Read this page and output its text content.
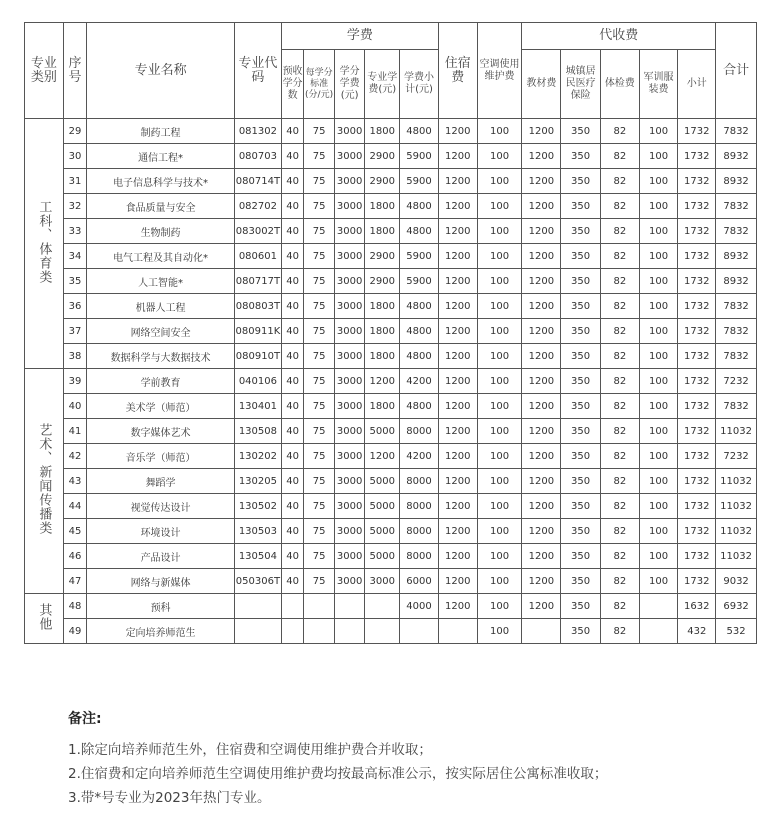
专业类别	序号	专业名称	专业代码	学费					住宿费	空调使用维护费	代收费					合计
				预收学分数	每学分标准(分/元)	学分学费(元)	专业学费(元)	学费小计(元)			教材费	城镇居民医疗保险	体检费	军训服装费	小计	
工科、体育类	29	制药工程	081302	40	75	3000	1800	4800	1200	100	1200	350	82	100	1732	7832
	30	通信工程*	080703	40	75	3000	2900	5900	1200	100	1200	350	82	100	1732	8932
	31	电子信息科学与技术*	080714T	40	75	3000	2900	5900	1200	100	1200	350	82	100	1732	8932
	32	食品质量与安全	082702	40	75	3000	1800	4800	1200	100	1200	350	82	100	1732	7832
	33	生物制药	083002T	40	75	3000	1800	4800	1200	100	1200	350	82	100	1732	7832
	34	电气工程及其自动化*	080601	40	75	3000	2900	5900	1200	100	1200	350	82	100	1732	8932
	35	人工智能*	080717T	40	75	3000	2900	5900	1200	100	1200	350	82	100	1732	8932
	36	机器人工程	080803T	40	75	3000	1800	4800	1200	100	1200	350	82	100	1732	7832
	37	网络空间安全	080911K	40	75	3000	1800	4800	1200	100	1200	350	82	100	1732	7832
	38	数据科学与大数据技术	080910T	40	75	3000	1800	4800	1200	100	1200	350	82	100	1732	7832
艺术、新闻传播类	39	学前教育	040106	40	75	3000	1200	4200	1200	100	1200	350	82	100	1732	7232
	40	美术学（师范）	130401	40	75	3000	1800	4800	1200	100	1200	350	82	100	1732	7832
	41	数字媒体艺术	130508	40	75	3000	5000	8000	1200	100	1200	350	82	100	1732	11032
	42	音乐学（师范）	130202	40	75	3000	1200	4200	1200	100	1200	350	82	100	1732	7232
	43	舞蹈学	130205	40	75	3000	5000	8000	1200	100	1200	350	82	100	1732	11032
	44	视觉传达设计	130502	40	75	3000	5000	8000	1200	100	1200	350	82	100	1732	11032
	45	环境设计	130503	40	75	3000	5000	8000	1200	100	1200	350	82	100	1732	11032
	46	产品设计	130504	40	75	3000	5000	8000	1200	100	1200	350	82	100	1732	11032
	47	网络与新媒体	050306T	40	75	3000	3000	6000	1200	100	1200	350	82	100	1732	9032
其他	48	预科						4000	1200	100	1200	350	82		1632	6932
	49	定向培养师范生								100		350	82		432	532
备注:
1.除定向培养师范生外，住宿费和空调使用维护费合并收取；
2.住宿费和定向培养师范生空调使用维护费均按最高标准公示，按实际居住公寓标准收取；
3.带*号专业为2023年热门专业。
